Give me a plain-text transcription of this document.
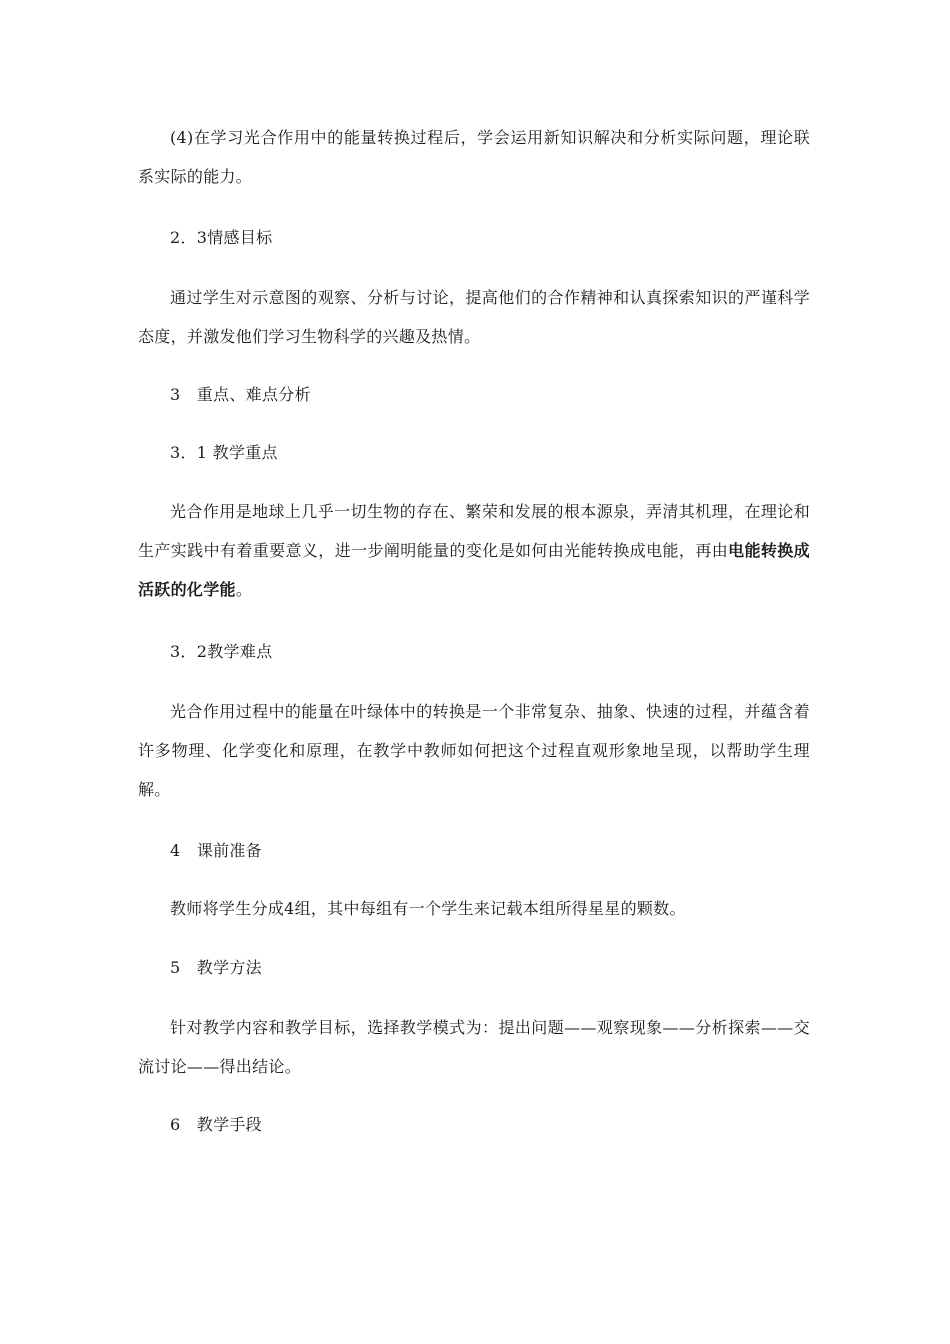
(4)在学习光合作用中的能量转换过程后，学会运用新知识解决和分析实际问题，理论联系实际的能力。

2．3情感目标

通过学生对示意图的观察、分析与讨论，提高他们的合作精神和认真探索知识的严谨科学态度，并激发他们学习生物科学的兴趣及热情。

3　重点、难点分析

3．1 教学重点

光合作用是地球上几乎一切生物的存在、繁荣和发展的根本源泉，弄清其机理，在理论和生产实践中有着重要意义，进一步阐明能量的变化是如何由光能转换成电能，再由电能转换成活跃的化学能。

3．2教学难点

光合作用过程中的能量在叶绿体中的转换是一个非常复杂、抽象、快速的过程，并蕴含着许多物理、化学变化和原理，在教学中教师如何把这个过程直观形象地呈现，以帮助学生理解。

4　课前准备

教师将学生分成4组，其中每组有一个学生来记载本组所得星星的颗数。

5　教学方法

针对教学内容和教学目标，选择教学模式为：提出问题——观察现象——分析探索——交流讨论——得出结论。

6　教学手段
